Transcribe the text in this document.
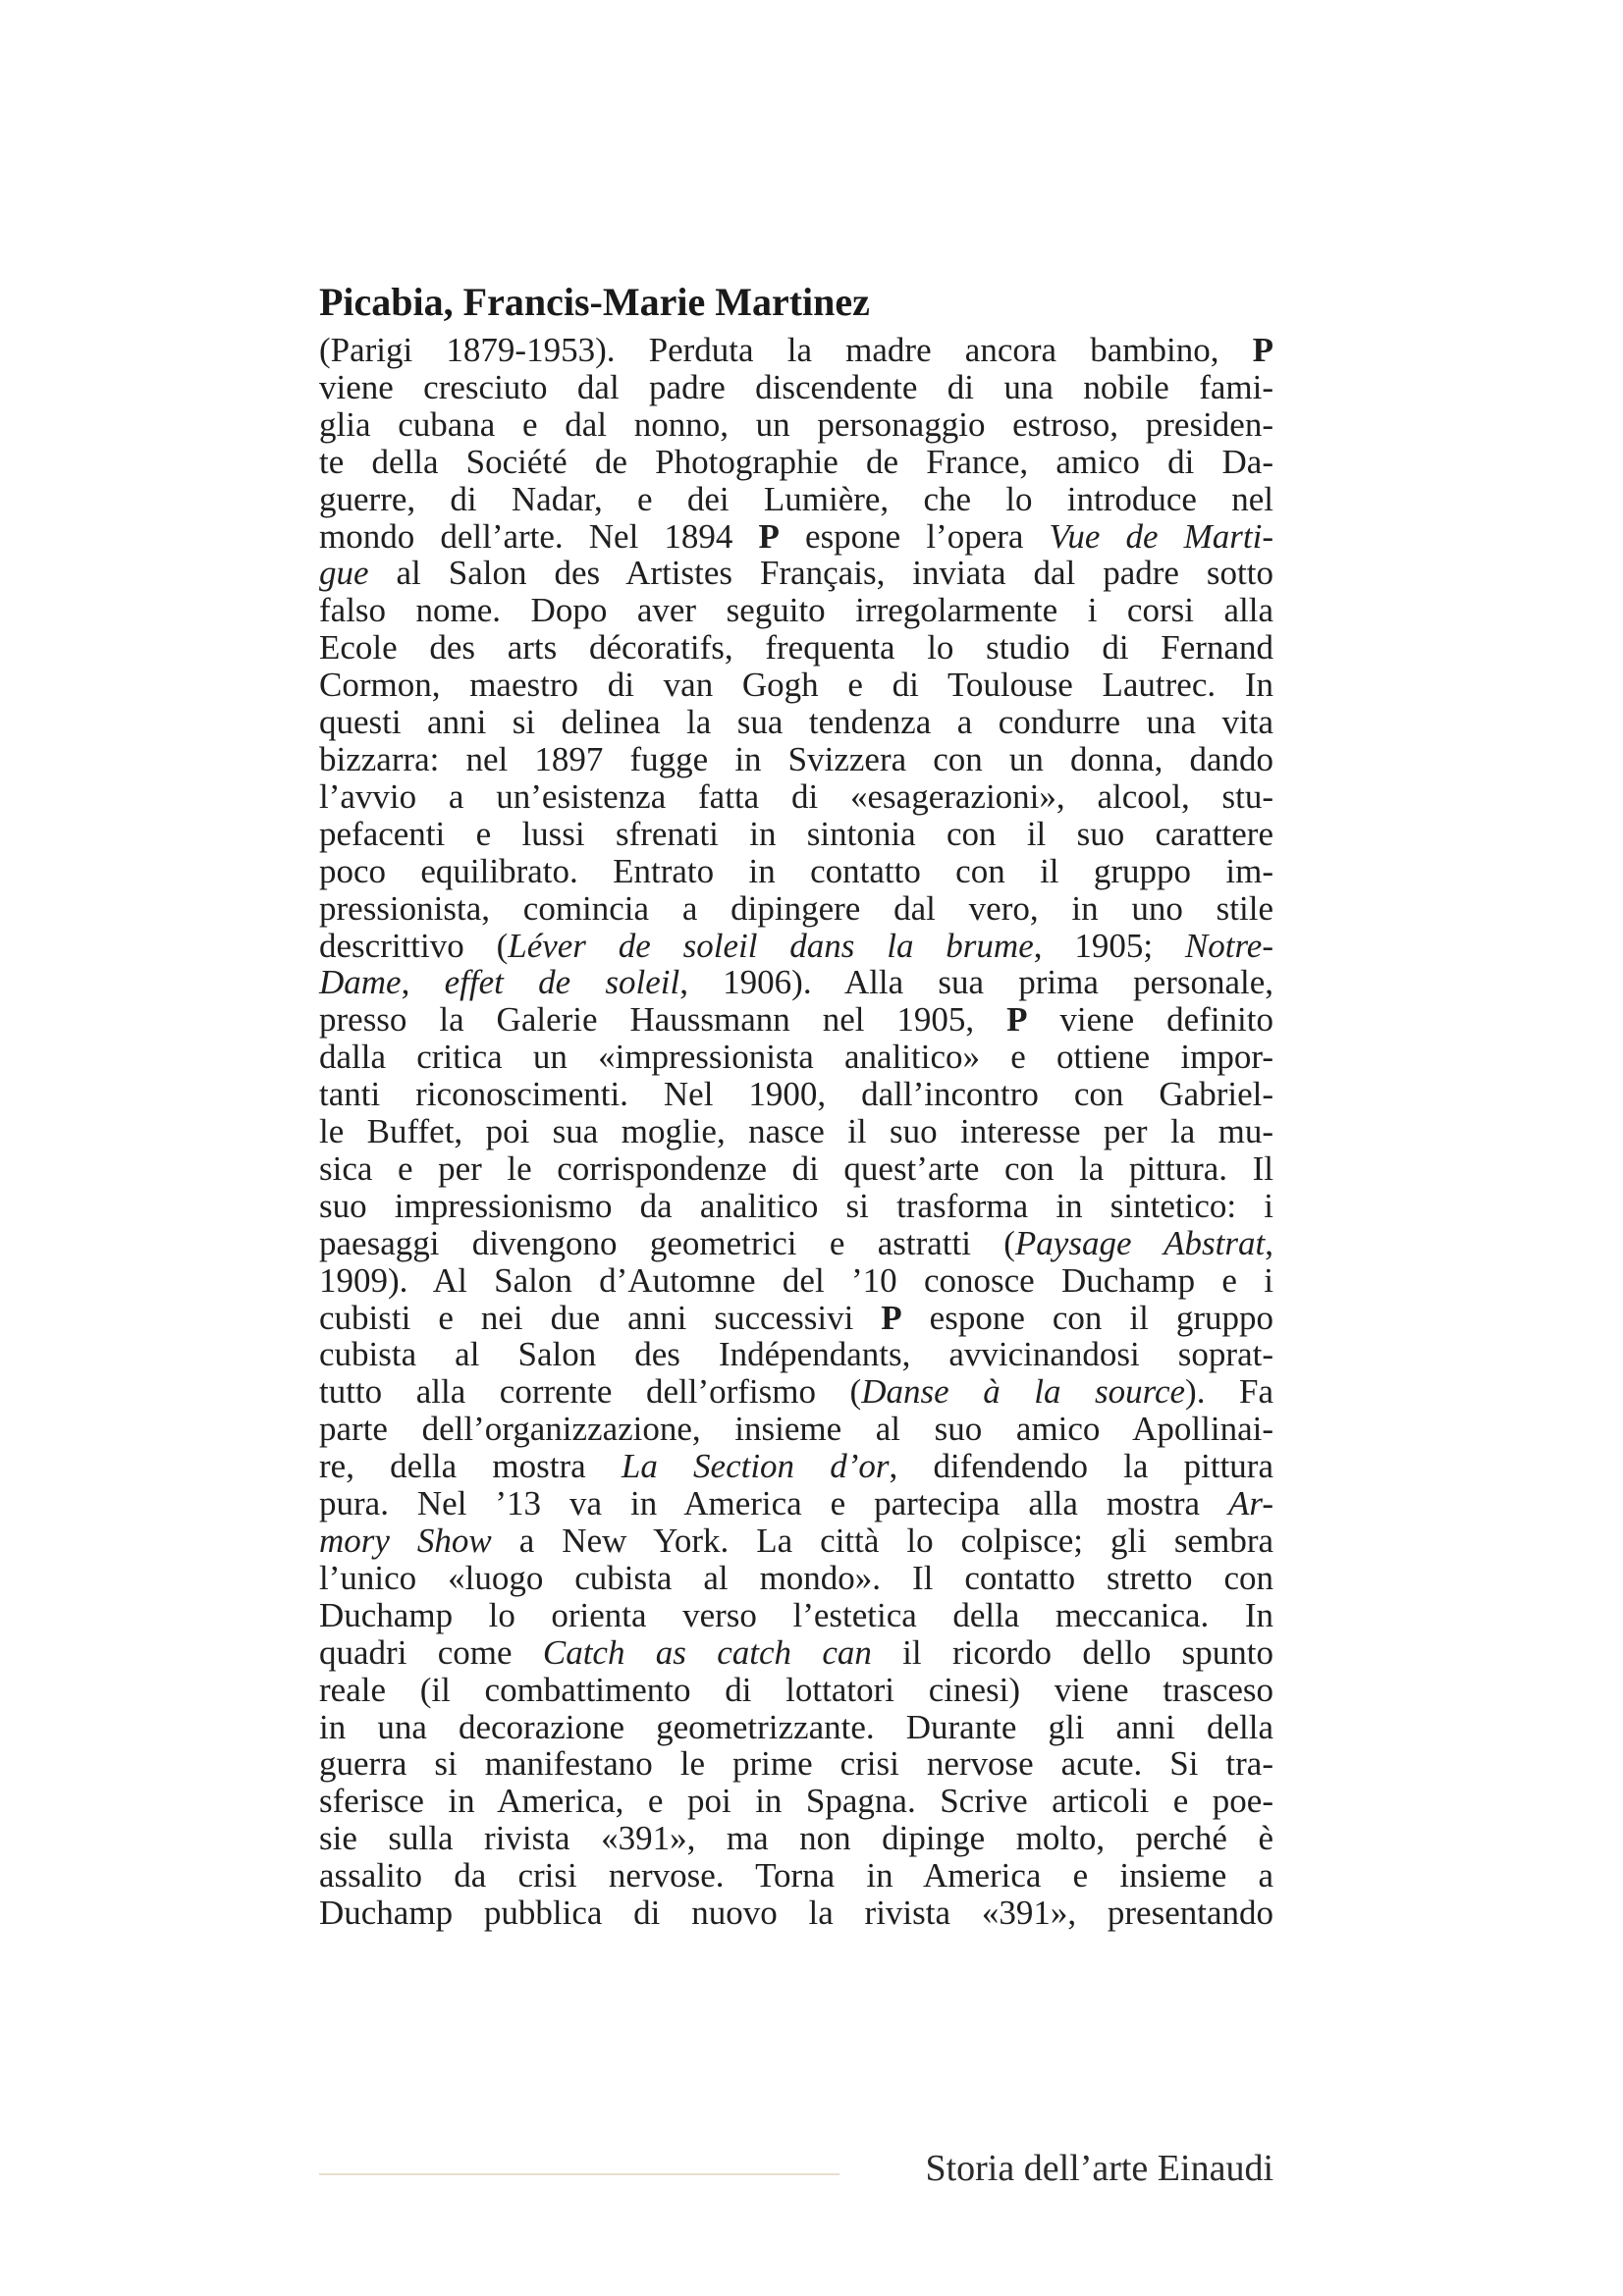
Picabia, Francis-Marie Martinez
(Parigi 1879-1953). Perduta la madre ancora bambino, P
viene cresciuto dal padre discendente di una nobile fami-
glia cubana e dal nonno, un personaggio estroso, presiden-
te della Société de Photographie de France, amico di Da-
guerre, di Nadar, e dei Lumière, che lo introduce nel
mondo dell’arte. Nel 1894 P espone l’opera Vue de Marti-
gue al Salon des Artistes Français, inviata dal padre sotto
falso nome. Dopo aver seguito irregolarmente i corsi alla
Ecole des arts décoratifs, frequenta lo studio di Fernand
Cormon, maestro di van Gogh e di Toulouse Lautrec. In
questi anni si delinea la sua tendenza a condurre una vita
bizzarra: nel 1897 fugge in Svizzera con un donna, dando
l’avvio a un’esistenza fatta di «esagerazioni», alcool, stu-
pefacenti e lussi sfrenati in sintonia con il suo carattere
poco equilibrato. Entrato in contatto con il gruppo im-
pressionista, comincia a dipingere dal vero, in uno stile
descrittivo (Léver de soleil dans la brume, 1905; Notre-
Dame, effet de soleil, 1906). Alla sua prima personale,
presso la Galerie Haussmann nel 1905, P viene definito
dalla critica un «impressionista analitico» e ottiene impor-
tanti riconoscimenti. Nel 1900, dall’incontro con Gabriel-
le Buffet, poi sua moglie, nasce il suo interesse per la mu-
sica e per le corrispondenze di quest’arte con la pittura. Il
suo impressionismo da analitico si trasforma in sintetico: i
paesaggi divengono geometrici e astratti (Paysage Abstrat,
1909). Al Salon d’Automne del ’10 conosce Duchamp e i
cubisti e nei due anni successivi P espone con il gruppo
cubista al Salon des Indépendants, avvicinandosi soprat-
tutto alla corrente dell’orfismo (Danse à la source). Fa
parte dell’organizzazione, insieme al suo amico Apollinai-
re, della mostra La Section d’or, difendendo la pittura
pura. Nel ’13 va in America e partecipa alla mostra Ar-
mory Show a New York. La città lo colpisce; gli sembra
l’unico «luogo cubista al mondo». Il contatto stretto con
Duchamp lo orienta verso l’estetica della meccanica. In
quadri come Catch as catch can il ricordo dello spunto
reale (il combattimento di lottatori cinesi) viene trasceso
in una decorazione geometrizzante. Durante gli anni della
guerra si manifestano le prime crisi nervose acute. Si tra-
sferisce in America, e poi in Spagna. Scrive articoli e poe-
sie sulla rivista «391», ma non dipinge molto, perché è
assalito da crisi nervose. Torna in America e insieme a
Duchamp pubblica di nuovo la rivista «391», presentando
Storia dell’arte Einaudi
